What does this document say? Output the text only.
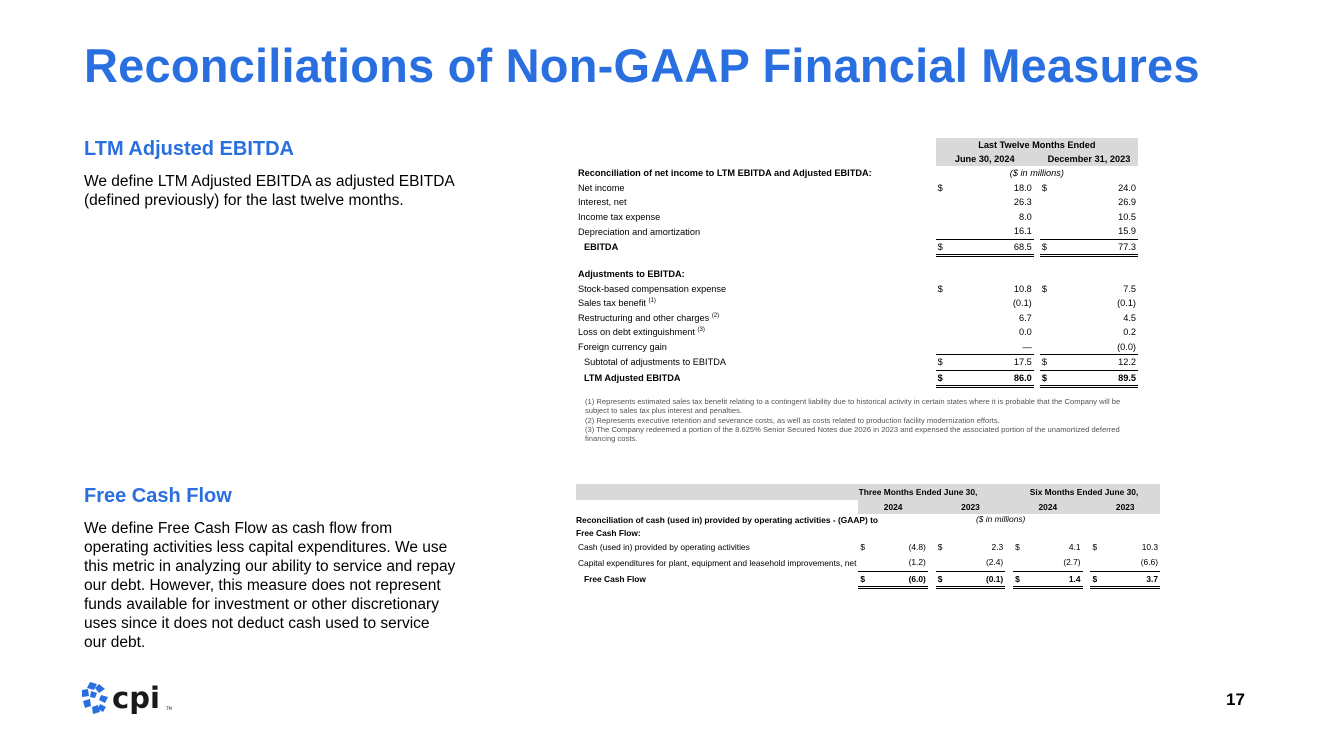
Reconciliations of Non-GAAP Financial Measures
LTM Adjusted EBITDA

We define LTM Adjusted EBITDA as adjusted EBITDA (defined previously) for the last twelve months.

	Last Twelve Months Ended				
	June 30, 2024			December 31, 2023	
Reconciliation of net income to LTM EBITDA and Adjusted EBITDA:	($ in millions)				
Net income	$	18.0		$	24.0
Interest, net		26.3			26.9
Income tax expense		8.0			10.5
Depreciation and amortization		16.1			15.9
EBITDA	$	68.5		$	77.3

Adjustments to EBITDA:					
Stock-based compensation expense	$	10.8		$	7.5
Sales tax benefit $^{(1)}$		(0.1)			(0.1)
Restructuring and other charges $^{(2)}$		6.7			4.5
Loss on debt extinguishment $^{(3)}$		0.0			0.2
Foreign currency gain		—			(0.0)
Subtotal of adjustments to EBITDA	$	17.5		$	12.2
LTM Adjusted EBITDA	$	86.0		$	89.5

(1) Represents estimated sales tax benefit relating to a contingent liability due to historical activity in certain states where it is probable that the Company will be subject to sales tax plus interest and penalties.

(2) Represents executive retention and severance costs, as well as costs related to production facility modernization efforts.

(3) The Company redeemed a portion of the 8.625% Senior Secured Notes due 2026 in 2023 and expensed the associated portion of the unamortized deferred financing costs.

Free Cash Flow

We define Free Cash Flow as cash flow from operating activities less capital expenditures. We use this metric in analyzing our ability to service and repay our debt. However, this measure does not represent funds available for investment or other discretionary uses since it does not deduct cash used to service our debt.

Three Months Ended June 30, Six Months Ended June 30,											

	2024			2023			2024			2023	

Reconciliation of cash (used in) provided by operating activities - (GAAP) to
Free Cash Flow:
($ in millions)											

Cash (used in) provided by operating activities	$	(4.8)		$	2.3		$	4.1		$	10.3
Capital expenditures for plant, equipment and leasehold improvements, net		(1.2)			(2.4)			(2.7)			(6.6)
Free Cash Flow	$	(6.0)		$	(0.1)		$	1.4		$	3.7
cpi TM	17
